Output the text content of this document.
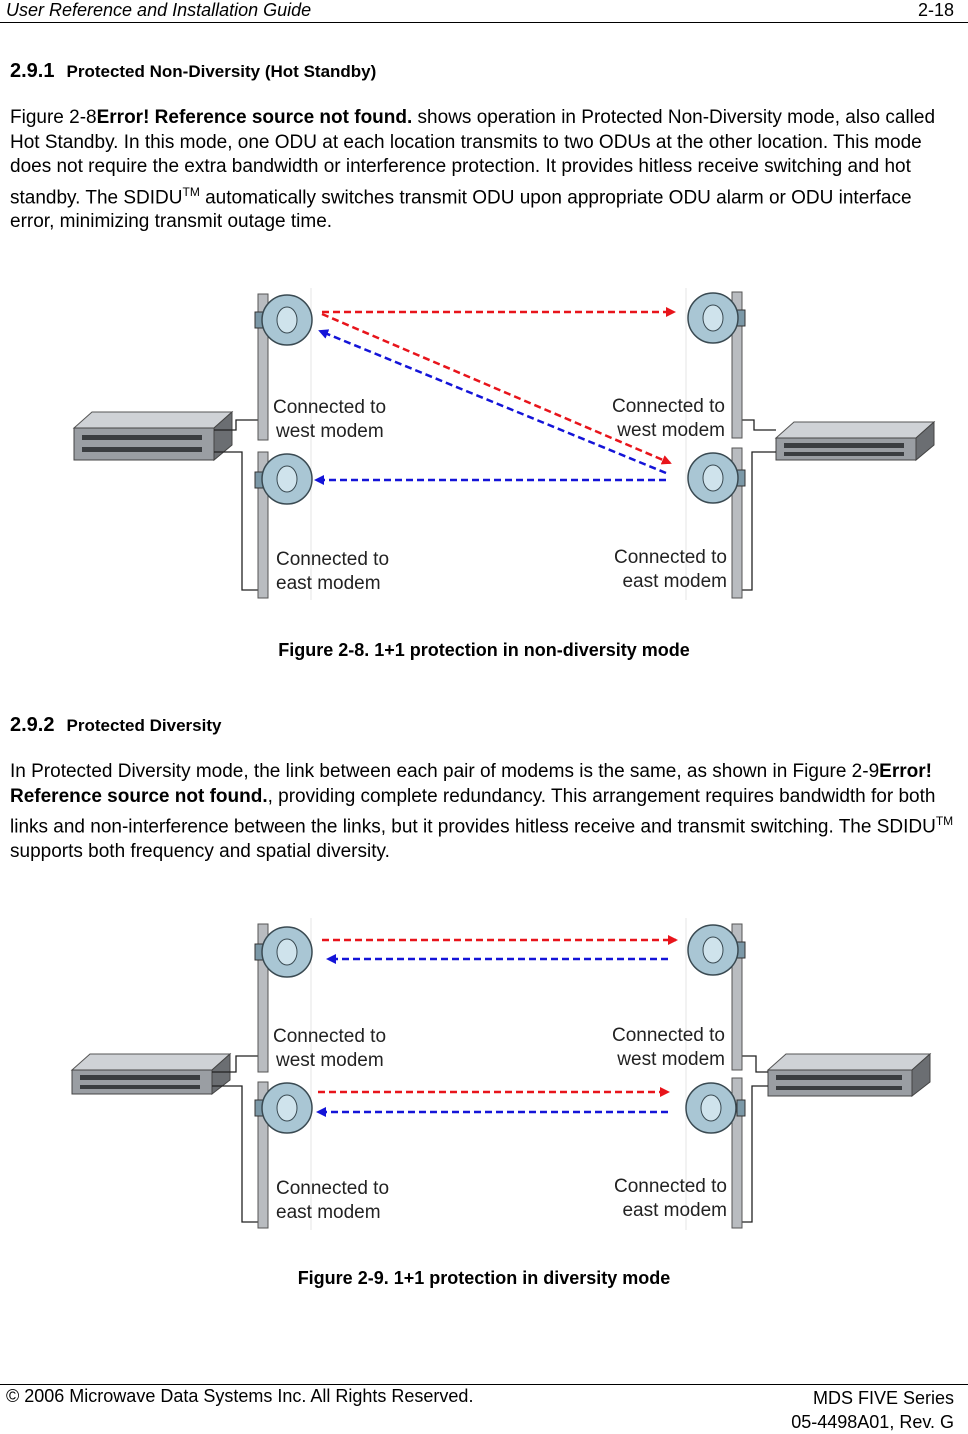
User Reference and Installation Guide	2-18
2.9.1 Protected Non-Diversity (Hot Standby)
Figure 2-8Error! Reference source not found. shows operation in Protected Non-Diversity mode, also called Hot Standby. In this mode, one ODU at each location transmits to two ODUs at the other location. This mode does not require the extra bandwidth or interference protection. It provides hitless receive switching and hot standby. The SDIDU™ automatically switches transmit ODU upon appropriate ODU alarm or ODU interface error, minimizing transmit outage time.
Connected to
west modem
Connected to
west modem
Connected to
east modem
Connected to
east modem
Figure 2-8. 1+1 protection in non-diversity mode
2.9.2 Protected Diversity
In Protected Diversity mode, the link between each pair of modems is the same, as shown in Figure 2-9Error! Reference source not found., providing complete redundancy. This arrangement requires bandwidth for both links and non-interference between the links, but it provides hitless receive and transmit switching. The SDIDU™ supports both frequency and spatial diversity.
Connected to
west modem
Connected to
west modem
Connected to
east modem
Connected to
east modem
Figure 2-9. 1+1 protection in diversity mode
© 2006 Microwave Data Systems Inc. All Rights Reserved.	MDS FIVE Series
05-4498A01, Rev. G
